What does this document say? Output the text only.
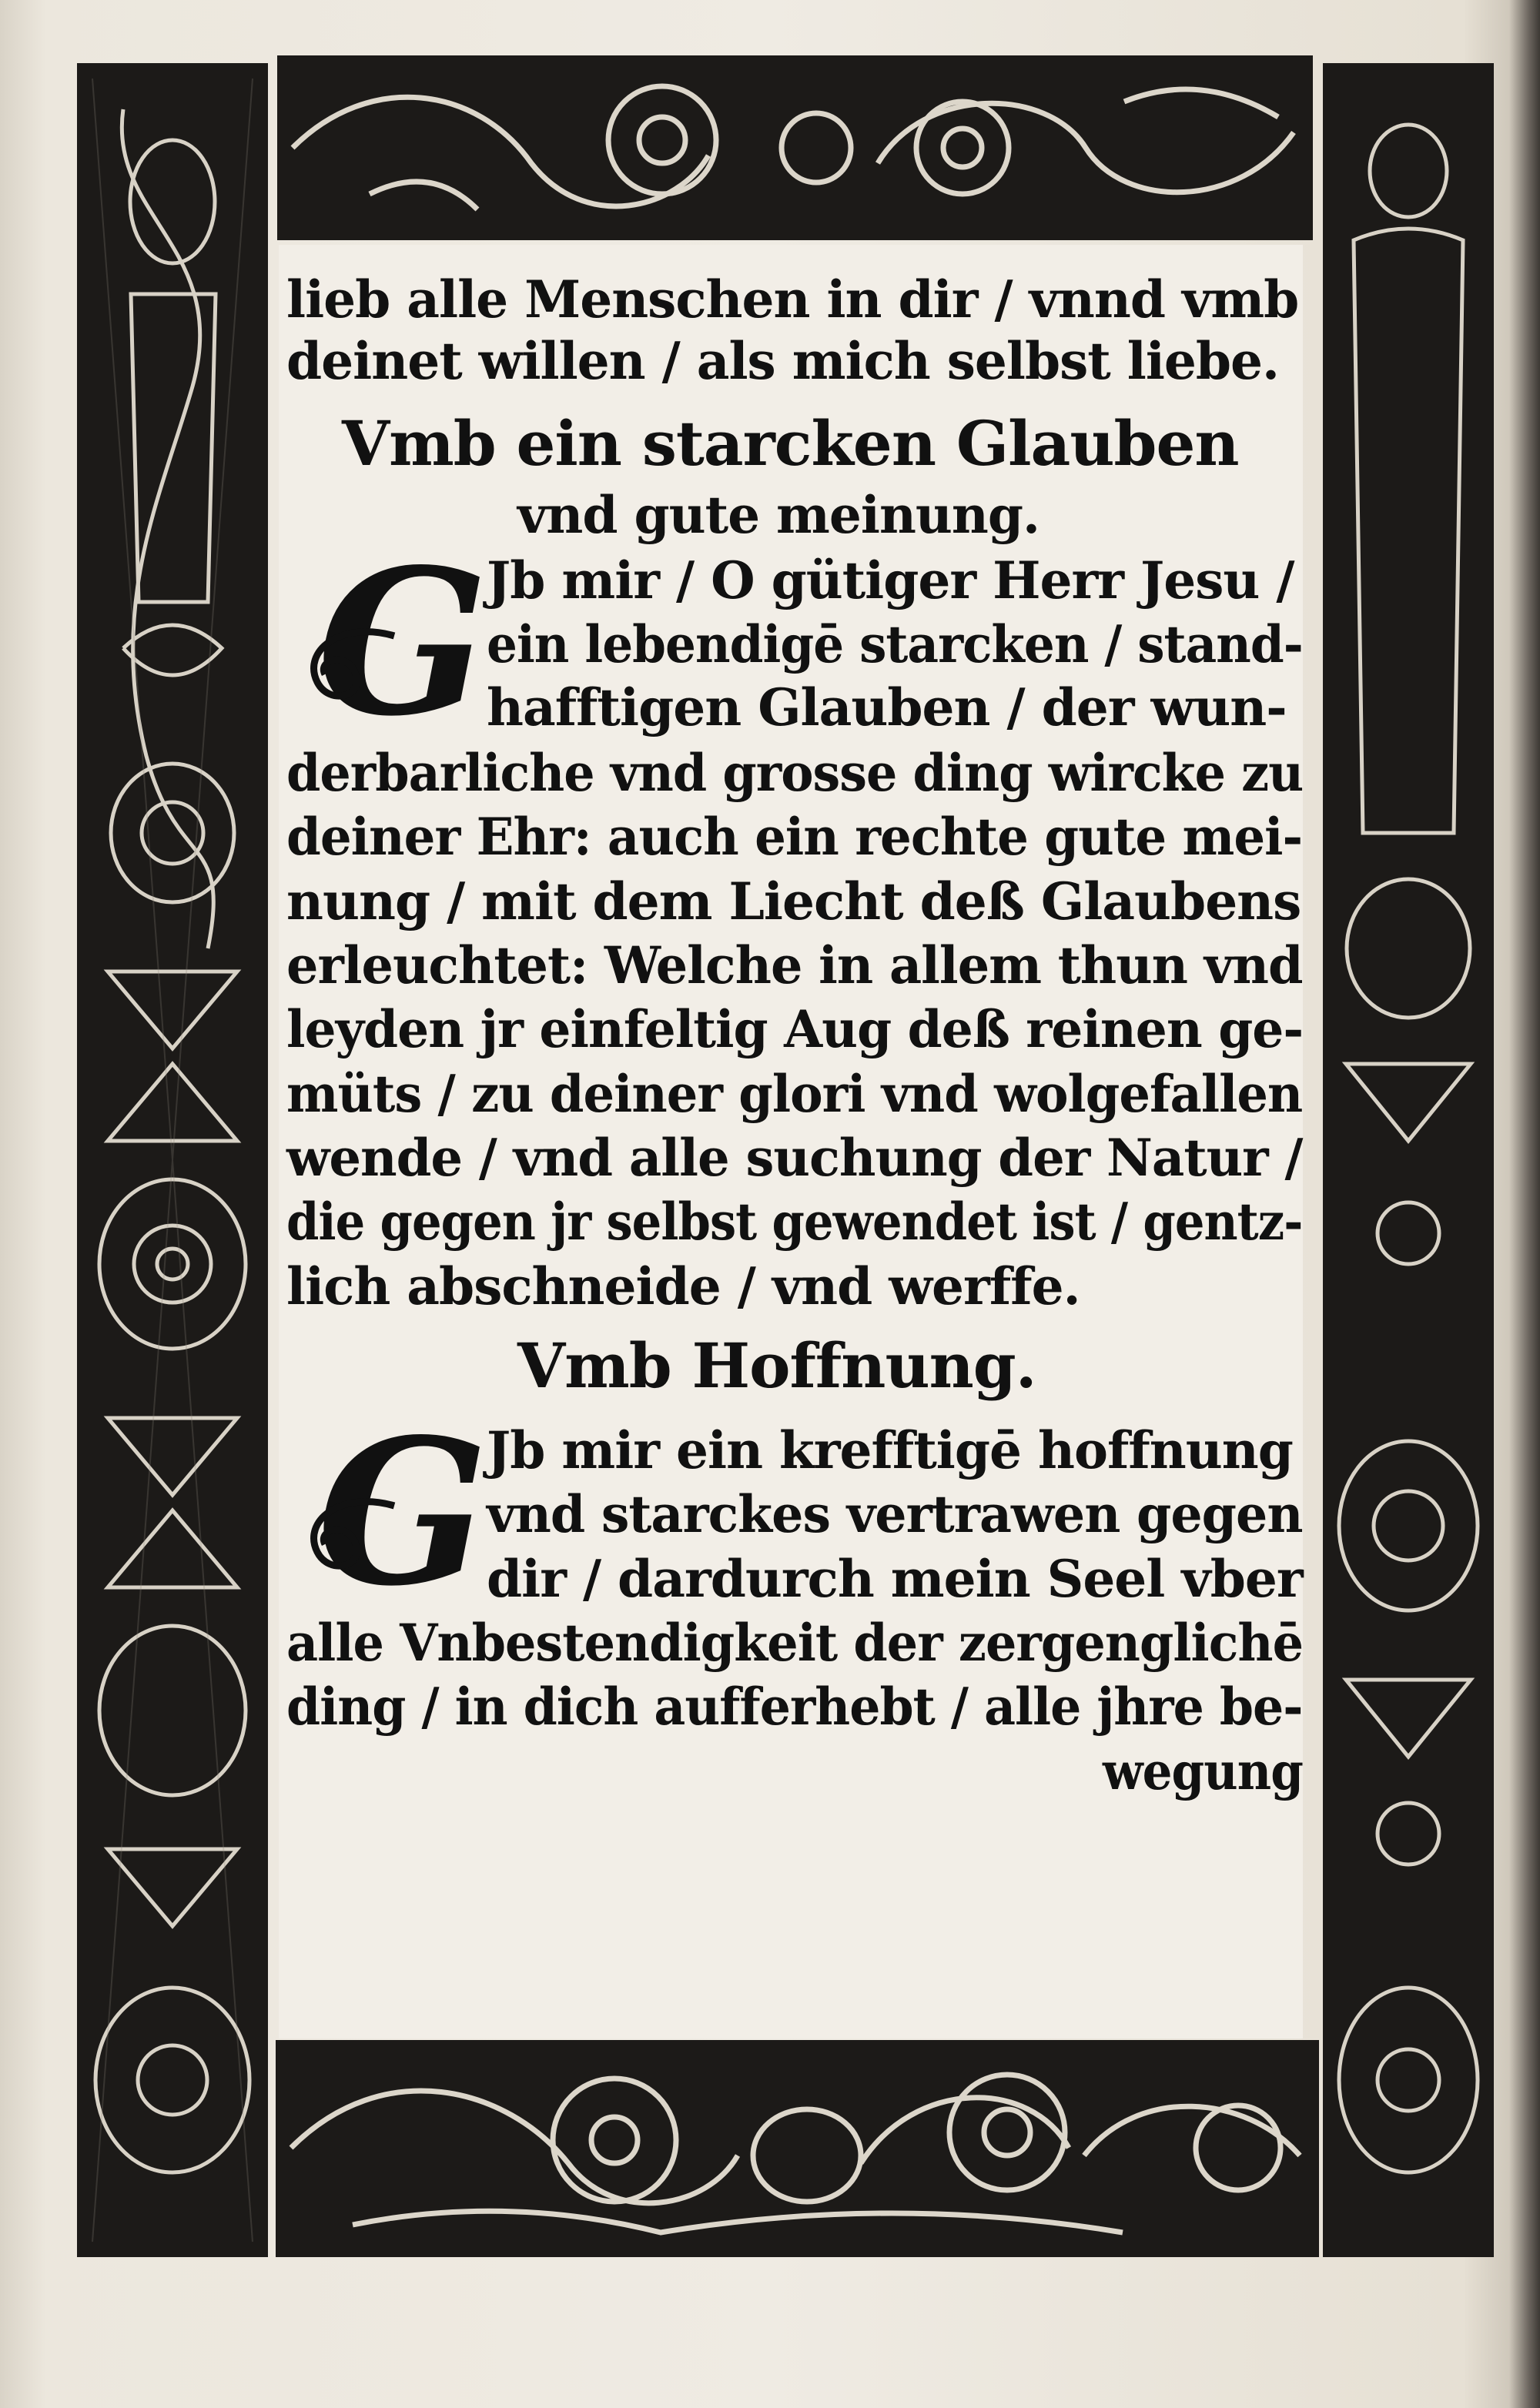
lieb alle Menschen in dir / vnnd vmb
deinet willen / als mich selbst liebe.
Vmb ein starcken Glauben
vnd gute meinung.
G
Jb mir / O gütiger Herr Jesu /
ein lebendigē starcken / stand-
hafftigen Glauben / der wun-
derbarliche vnd grosse ding wircke zu
deiner Ehr: auch ein rechte gute mei-
nung / mit dem Liecht deß Glaubens
erleuchtet: Welche in allem thun vnd
leyden jr einfeltig Aug deß reinen ge-
müts / zu deiner glori vnd wolgefallen
wende / vnd alle suchung der Natur /
die gegen jr selbst gewendet ist / gentz-
lich abschneide / vnd werffe.
Vmb Hoffnung.
G
Jb mir ein krefftigē hoffnung
vnd starckes vertrawen gegen
dir / dardurch mein Seel vber
alle Vnbestendigkeit der zergenglichē
ding / in dich aufferhebt / alle jhre be-
wegung
